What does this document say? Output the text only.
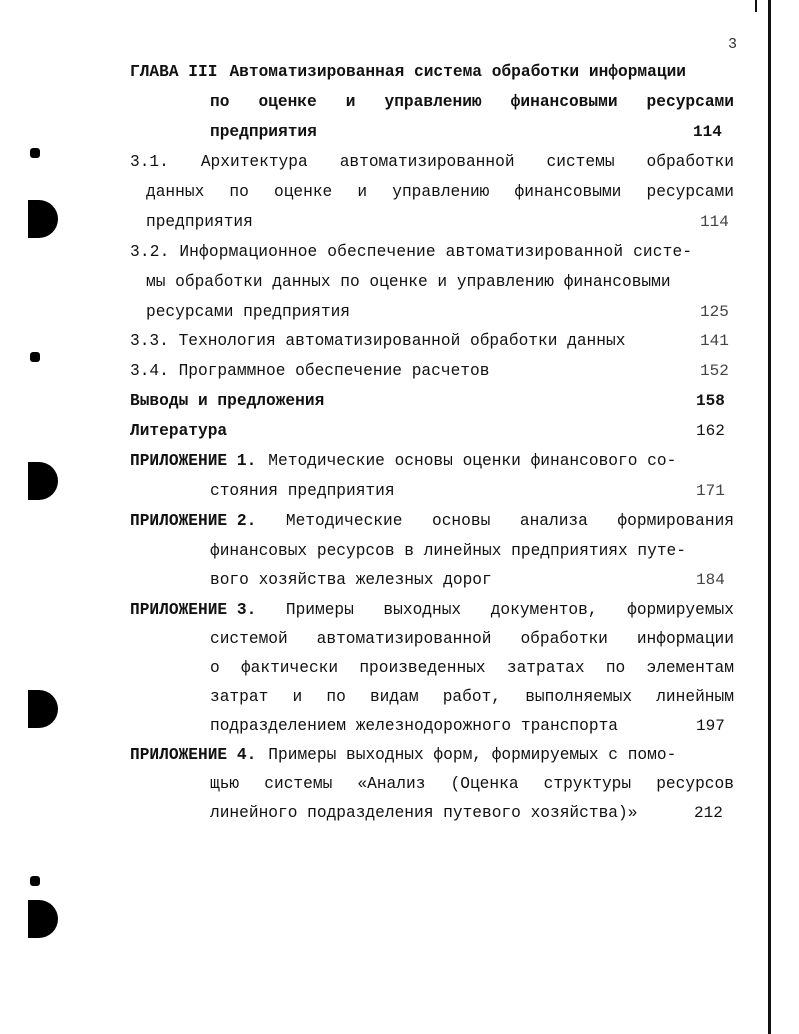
3
ГЛАВА III Автоматизированная система обработки информации
по оценке и управлению финансовыми ресурсами
предприятия	114
3.1. Архитектура автоматизированной системы обработки
данных по оценке и управлению финансовыми ресурсами
предприятия	114
3.2. Информационное обеспечение автоматизированной систе-
мы обработки данных по оценке и управлению финансовыми
ресурсами предприятия	125
3.3. Технология автоматизированной обработки данных	141
3.4. Программное обеспечение расчетов	152
Выводы и предложения	158
Литература	162
ПРИЛОЖЕНИЕ 1. Методические основы оценки финансового со-
стояния предприятия	171
ПРИЛОЖЕНИЕ 2. Методические основы анализа формирования
финансовых ресурсов в линейных предприятиях путе-
вого хозяйства железных дорог	184
ПРИЛОЖЕНИЕ 3. Примеры выходных документов, формируемых
системой автоматизированной обработки информации
о фактически произведенных затратах по элементам
затрат и по видам работ, выполняемых линейным
подразделением железнодорожного транспорта	197
ПРИЛОЖЕНИЕ 4. Примеры выходных форм, формируемых с помо-
щью системы «Анализ (Оценка структуры ресурсов
линейного подразделения путевого хозяйства)»	212
